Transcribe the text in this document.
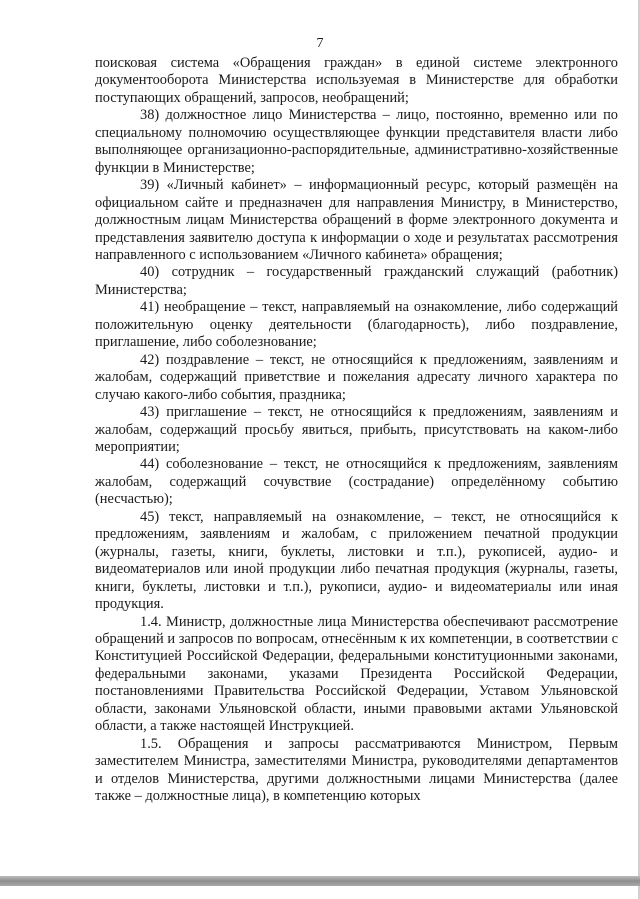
7

поисковая система «Обращения граждан» в единой системе электронного документооборота Министерства используемая в Министерстве для обработки поступающих обращений, запросов, необращений;

38) должностное лицо Министерства – лицо, постоянно, временно или по специальному полномочию осуществляющее функции представителя власти либо выполняющее организационно-распорядительные, административно-хозяйственные функции в Министерстве;

39) «Личный кабинет» – информационный ресурс, который размещён на официальном сайте и предназначен для направления Министру, в Министерство, должностным лицам Министерства обращений в форме электронного документа и представления заявителю доступа к информации о ходе и результатах рассмотрения направленного с использованием «Личного кабинета» обращения;

40) сотрудник – государственный гражданский служащий (работник) Министерства;

41) необращение – текст, направляемый на ознакомление, либо содержащий положительную оценку деятельности (благодарность), либо поздравление, приглашение, либо соболезнование;

42) поздравление – текст, не относящийся к предложениям, заявлениям и жалобам, содержащий приветствие и пожелания адресату личного характера по случаю какого-либо события, праздника;

43) приглашение – текст, не относящийся к предложениям, заявлениям и жалобам, содержащий просьбу явиться, прибыть, присутствовать на каком-либо мероприятии;

44) соболезнование – текст, не относящийся к предложениям, заявлениям жалобам, содержащий сочувствие (сострадание) определённому событию (несчастью);

45) текст, направляемый на ознакомление, – текст, не относящийся к предложениям, заявлениям и жалобам, с приложением печатной продукции (журналы, газеты, книги, буклеты, листовки и т.п.), рукописей, аудио- и видеоматериалов или иной продукции либо печатная продукция (журналы, газеты, книги, буклеты, листовки и т.п.), рукописи, аудио- и видеоматериалы или иная продукция.

1.4. Министр, должностные лица Министерства обеспечивают рассмотрение обращений и запросов по вопросам, отнесённым к их компетенции, в соответствии с Конституцией Российской Федерации, федеральными конституционными законами, федеральными законами, указами Президента Российской Федерации, постановлениями Правительства Российской Федерации, Уставом Ульяновской области, законами Ульяновской области, иными правовыми актами Ульяновской области, а также настоящей Инструкцией.

1.5. Обращения и запросы рассматриваются Министром, Первым заместителем Министра, заместителями Министра, руководителями департаментов и отделов Министерства, другими должностными лицами Министерства (далее также – должностные лица), в компетенцию которых
